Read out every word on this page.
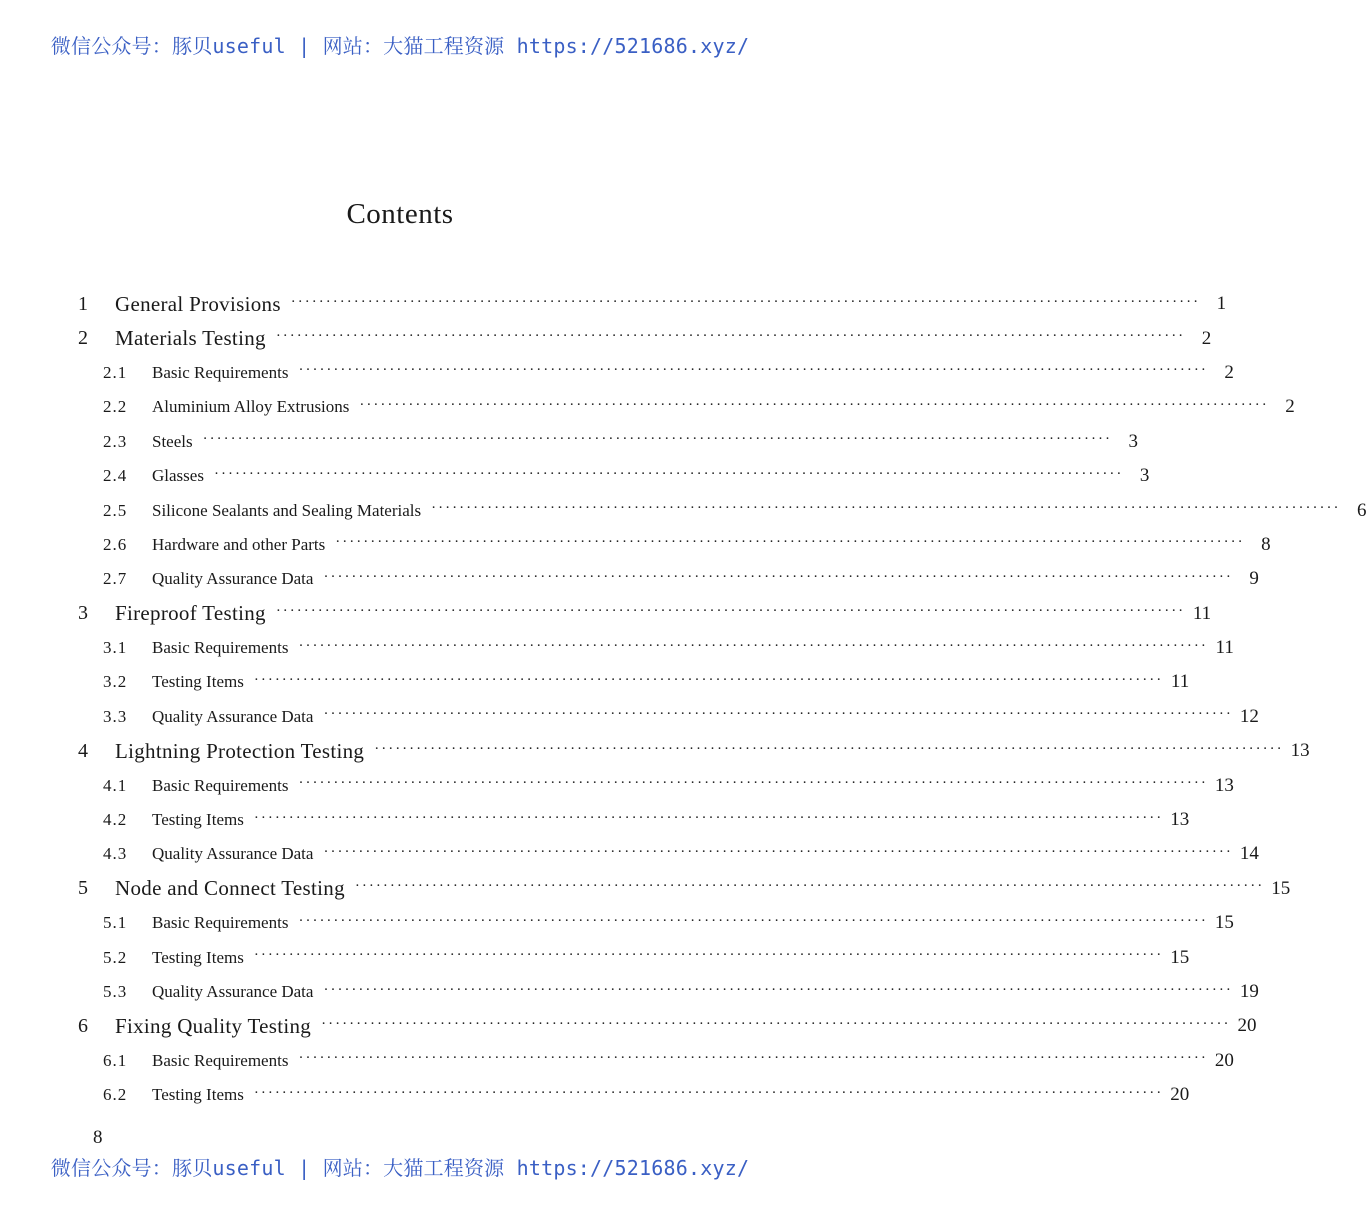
微信公众号：豚贝useful | 网站：大猫工程资源 https://521686.xyz/
Contents
1	General Provisions ·································································································································· 1
2	Materials Testing ·································································································································· 2
2.1	Basic Requirements ·································································································································· 2
2.2	Aluminium Alloy Extrusions ·································································································································· 2
2.3	Steels ·································································································································· 3
2.4	Glasses ·································································································································· 3
2.5	Silicone Sealants and Sealing Materials ·································································································································· 6
2.6	Hardware and other Parts ·································································································································· 8
2.7	Quality Assurance Data ·································································································································· 9
3	Fireproof Testing ·································································································································· 11
3.1	Basic Requirements ·································································································································· 11
3.2	Testing Items ·································································································································· 11
3.3	Quality Assurance Data ·································································································································· 12
4	Lightning Protection Testing ·································································································································· 13
4.1	Basic Requirements ·································································································································· 13
4.2	Testing Items ·································································································································· 13
4.3	Quality Assurance Data ·································································································································· 14
5	Node and Connect Testing ·································································································································· 15
5.1	Basic Requirements ·································································································································· 15
5.2	Testing Items ·································································································································· 15
5.3	Quality Assurance Data ·································································································································· 19
6	Fixing Quality Testing ·································································································································· 20
6.1	Basic Requirements ·································································································································· 20
6.2	Testing Items ·································································································································· 20
8
微信公众号：豚贝useful | 网站：大猫工程资源 https://521686.xyz/
